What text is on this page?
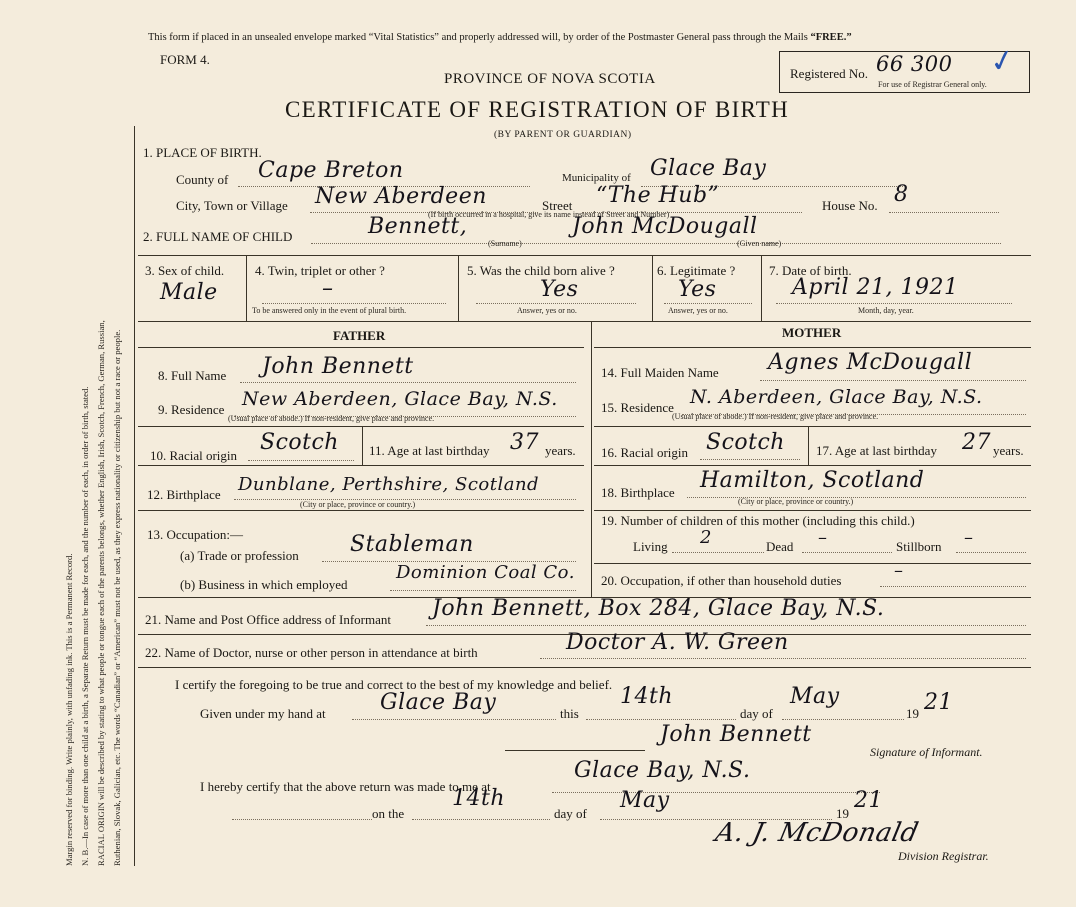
Margin reserved for binding. Write plainly, with unfading ink. This is a Permanent Record. N. B.—In case of more than one child at a birth, a Separate Return must be made for each, and the number of each, in order of birth, stated. RACIAL ORIGIN will be described by stating to what people or tongue each of the parents belongs, whether English, Irish, Scotch, French, German, Russian, Ruthenian, Slovak, Galician, etc. The words “Canadian” or “American” must not be used, as they express nationality or citizenship but not a race or people.
This form if placed in an unsealed envelope marked “Vital Statistics” and properly addressed will, by order of the Postmaster General pass through the Mails “FREE.”
FORM 4.
PROVINCE OF NOVA SCOTIA
CERTIFICATE OF REGISTRATION OF BIRTH
(BY PARENT OR GUARDIAN)
Registered No. 66 300
For use of Registrar General only.
✓
1. PLACE OF BIRTH.
County of Cape Breton	Municipality of Glace Bay
City, Town or Village New Aberdeen	Street “The Hub”	House No. 8
(If birth occurred in a hospital, give its name instead of Street and Number)
2. FULL NAME OF CHILD	Bennett,	John McDougall
(Surname)	(Given name)
3. Sex of child.
Male
4. Twin, triplet or other ?
–
To be answered only in the event of plural birth.
5. Was the child born alive ?
Yes
Answer, yes or no.
6. Legitimate ?
Yes
Answer, yes or no.
7. Date of birth.
April 21, 1921
Month, day, year.
FATHER	MOTHER
8. Full Name John Bennett
9. Residence New Aberdeen, Glace Bay, N.S.
(Usual place of abode.) If non-resident, give place and province.
10. Racial origin
Scotch 11. Age at last birthday 37 years.
12. Birthplace Dunblane, Perthshire, Scotland
(City or place, province or country.)
13. Occupation:—
(a) Trade or profession Stableman
(b) Business in which employed
Dominion Coal Co.
14. Full Maiden Name Agnes McDougall
15. Residence N. Aberdeen, Glace Bay, N.S.
(Usual place of abode.) If non-resident, give place and province.
16. Racial origin Scotch 17. Age at last birthday 27 years.
18. Birthplace Hamilton, Scotland
(City or place, province or country.)
19. Number of children of this mother (including this child.)
Living 2	Dead –	Stillborn –
20. Occupation, if other than household duties	–
21. Name and Post Office address of Informant John Bennett, Box 284, Glace Bay, N.S.
22. Name of Doctor, nurse or other person in attendance at birth	Doctor A. W. Green
I certify the foregoing to be true and correct to the best of my knowledge and belief.
Given under my hand at Glace Bay	this
14th
day of
May
19 21
John Bennett
Signature of Informant.
I hereby certify that the above return was made to me at
Glace Bay, N.S.
on the
14th
day of
May
19
21
A. J. McDonald
Division Registrar.
